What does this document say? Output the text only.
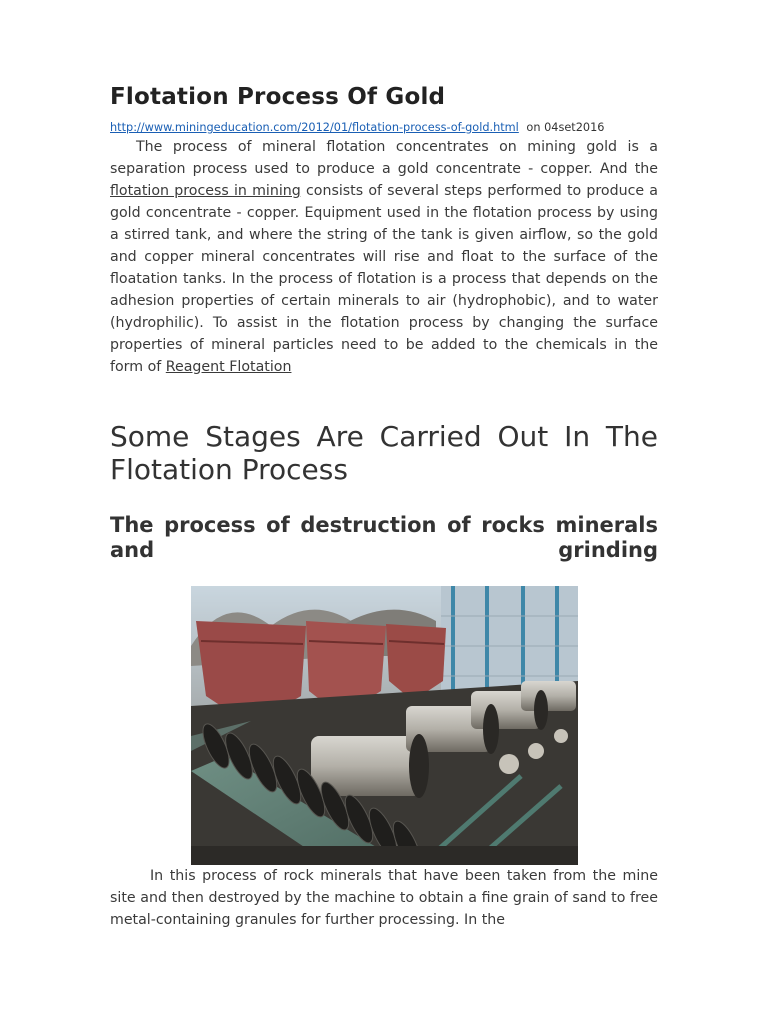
Flotation Process Of Gold
http://www.miningeducation.com/2012/01/flotation-process-of-gold.html on 04set2016

The process of mineral flotation concentrates on mining gold is a separation process used to produce a gold concentrate - copper. And the flotation process in mining consists of several steps performed to produce a gold concentrate - copper. Equipment used in the flotation process by using a stirred tank, and where the string of the tank is given airflow, so the gold and copper mineral concentrates will rise and float to the surface of the floatation tanks. In the process of flotation is a process that depends on the adhesion properties of certain minerals to air (hydrophobic), and to water (hydrophilic). To assist in the flotation process by changing the surface properties of mineral particles need to be added to the chemicals in the form of Reagent Flotation

Some Stages Are Carried Out In The Flotation Process
The process of destruction of rocks minerals and grinding

In this process of rock minerals that have been taken from the mine site and then destroyed by the machine to obtain a fine grain of sand to free metal-containing granules for further processing. In the
